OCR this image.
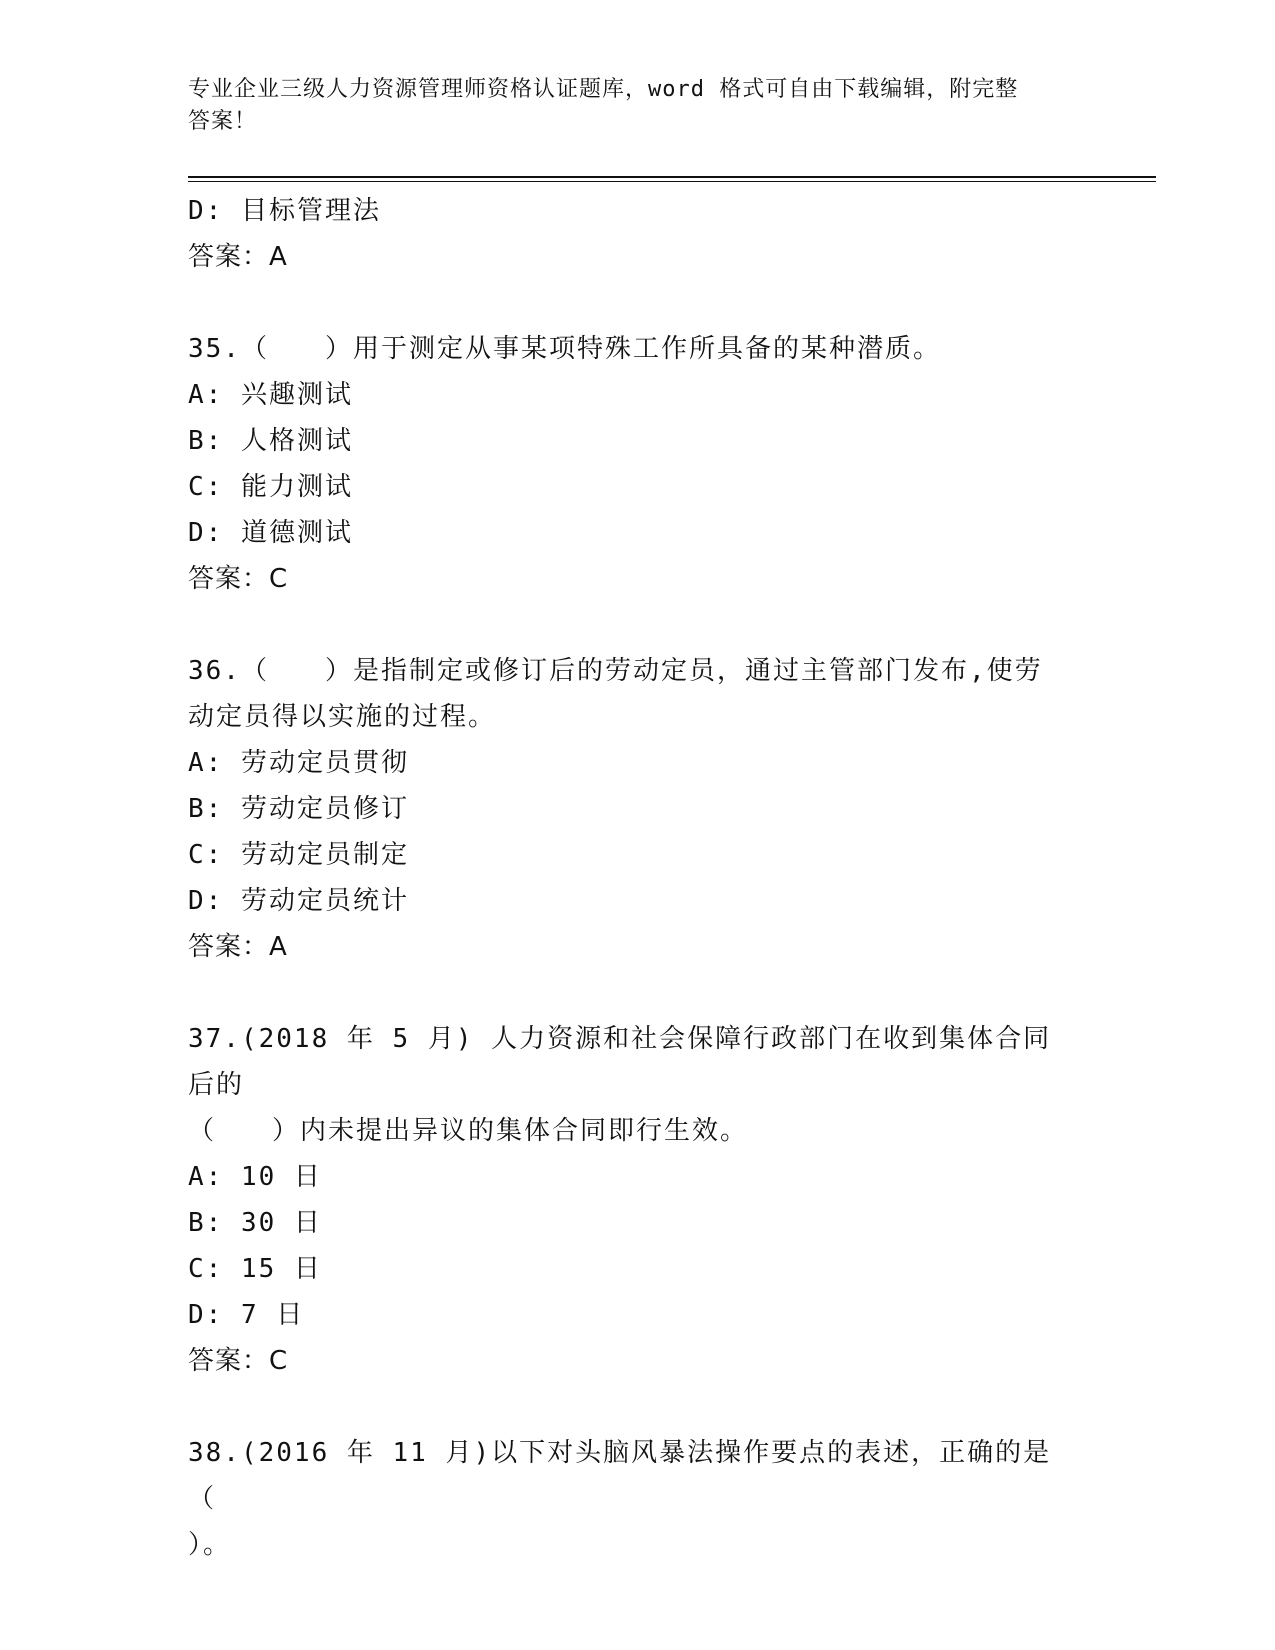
专业企业三级人力资源管理师资格认证题库，word 格式可自由下载编辑，附完整
答案！
D: 目标管理法
答案：A
35.（　　）用于测定从事某项特殊工作所具备的某种潜质。
A: 兴趣测试
B: 人格测试
C: 能力测试
D: 道德测试
答案：C
36.（　　）是指制定或修订后的劳动定员，通过主管部门发布,使劳
动定员得以实施的过程。
A: 劳动定员贯彻
B: 劳动定员修订
C: 劳动定员制定
D: 劳动定员统计
答案：A
37.(2018 年 5 月) 人力资源和社会保障行政部门在收到集体合同后的
（　　）内未提出异议的集体合同即行生效。
A: 10 日
B: 30 日
C: 15 日
D: 7 日
答案：C
38.(2016 年 11 月)以下对头脑风暴法操作要点的表述，正确的是（
）。
